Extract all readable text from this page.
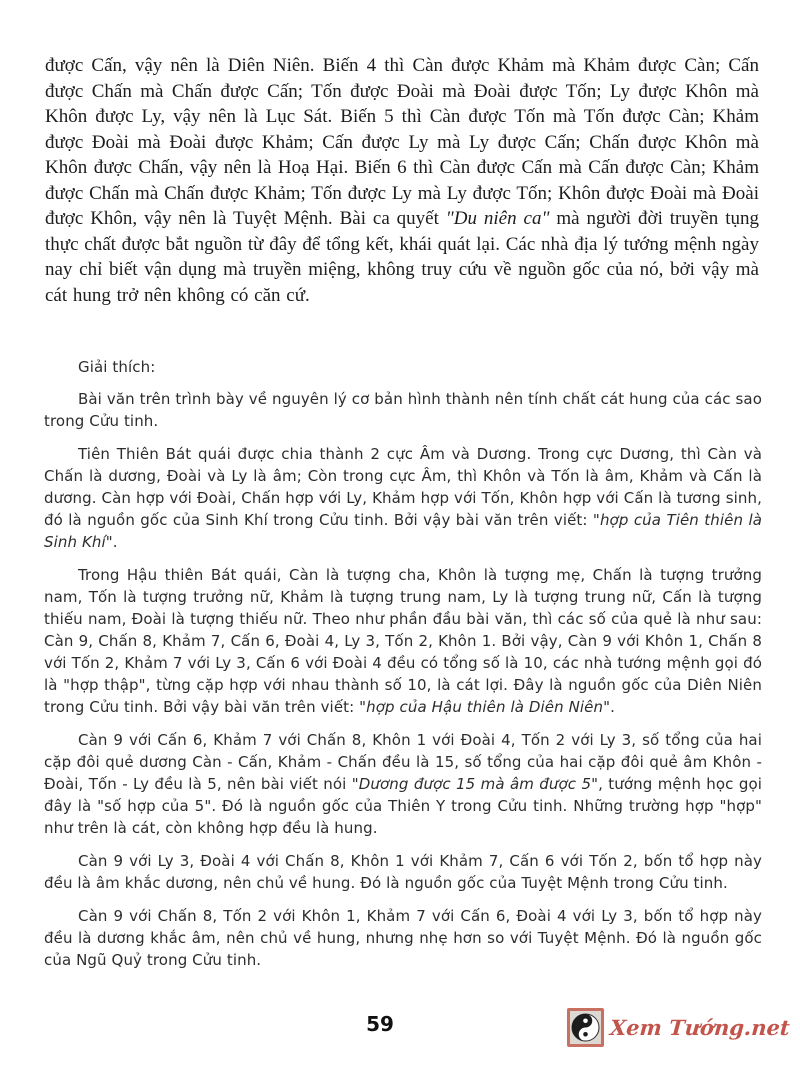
được Cấn, vậy nên là Diên Niên. Biến 4 thì Càn được Khảm mà Khảm được Càn; Cấn được Chấn mà Chấn được Cấn; Tốn được Đoài mà Đoài được Tốn; Ly được Khôn mà Khôn được Ly, vậy nên là Lục Sát. Biến 5 thì Càn được Tốn mà Tốn được Càn; Khảm được Đoài mà Đoài được Khảm; Cấn được Ly mà Ly được Cấn; Chấn được Khôn mà Khôn được Chấn, vậy nên là Hoạ Hại. Biến 6 thì Càn được Cấn mà Cấn được Càn; Khảm được Chấn mà Chấn được Khảm; Tốn được Ly mà Ly được Tốn; Khôn được Đoài mà Đoài được Khôn, vậy nên là Tuyệt Mệnh. Bài ca quyết "Du niên ca" mà người đời truyền tụng thực chất được bắt nguồn từ đây để tổng kết, khái quát lại. Các nhà địa lý tướng mệnh ngày nay chỉ biết vận dụng mà truyền miệng, không truy cứu về nguồn gốc của nó, bởi vậy mà cát hung trở nên không có căn cứ.

Giải thích:

Bài văn trên trình bày về nguyên lý cơ bản hình thành nên tính chất cát hung của các sao trong Cửu tinh.

Tiên Thiên Bát quái được chia thành 2 cực Âm và Dương. Trong cực Dương, thì Càn và Chấn là dương, Đoài và Ly là âm; Còn trong cực Âm, thì Khôn và Tốn là âm, Khảm và Cấn là dương. Càn hợp với Đoài, Chấn hợp với Ly, Khảm hợp với Tốn, Khôn hợp với Cấn là tương sinh, đó là nguồn gốc của Sinh Khí trong Cửu tinh. Bởi vậy bài văn trên viết: "hợp của Tiên thiên là Sinh Khí".

Trong Hậu thiên Bát quái, Càn là tượng cha, Khôn là tượng mẹ, Chấn là tượng trưởng nam, Tốn là tượng trưởng nữ, Khảm là tượng trung nam, Ly là tượng trung nữ, Cấn là tượng thiếu nam, Đoài là tượng thiếu nữ. Theo như phần đầu bài văn, thì các số của quẻ là như sau: Càn 9, Chấn 8, Khảm 7, Cấn 6, Đoài 4, Ly 3, Tốn 2, Khôn 1. Bởi vậy, Càn 9 với Khôn 1, Chấn 8 với Tốn 2, Khảm 7 với Ly 3, Cấn 6 với Đoài 4 đều có tổng số là 10, các nhà tướng mệnh gọi đó là "hợp thập", từng cặp hợp với nhau thành số 10, là cát lợi. Đây là nguồn gốc của Diên Niên trong Cửu tinh. Bởi vậy bài văn trên viết: "hợp của Hậu thiên là Diên Niên".

Càn 9 với Cấn 6, Khảm 7 với Chấn 8, Khôn 1 với Đoài 4, Tốn 2 với Ly 3, số tổng của hai cặp đôi quẻ dương Càn - Cấn, Khảm - Chấn đều là 15, số tổng của hai cặp đôi quẻ âm Khôn - Đoài, Tốn - Ly đều là 5, nên bài viết nói "Dương được 15 mà âm được 5", tướng mệnh học gọi đây là "số hợp của 5". Đó là nguồn gốc của Thiên Y trong Cửu tinh. Những trường hợp "hợp" như trên là cát, còn không hợp đều là hung.

Càn 9 với Ly 3, Đoài 4 với Chấn 8, Khôn 1 với Khảm 7, Cấn 6 với Tốn 2, bốn tổ hợp này đều là âm khắc dương, nên chủ về hung. Đó là nguồn gốc của Tuyệt Mệnh trong Cửu tinh.

Càn 9 với Chấn 8, Tốn 2 với Khôn 1, Khảm 7 với Cấn 6, Đoài 4 với Ly 3, bốn tổ hợp này đều là dương khắc âm, nên chủ về hung, nhưng nhẹ hơn so với Tuyệt Mệnh. Đó là nguồn gốc của Ngũ Quỷ trong Cửu tinh.

59	Xem Tướng.net
